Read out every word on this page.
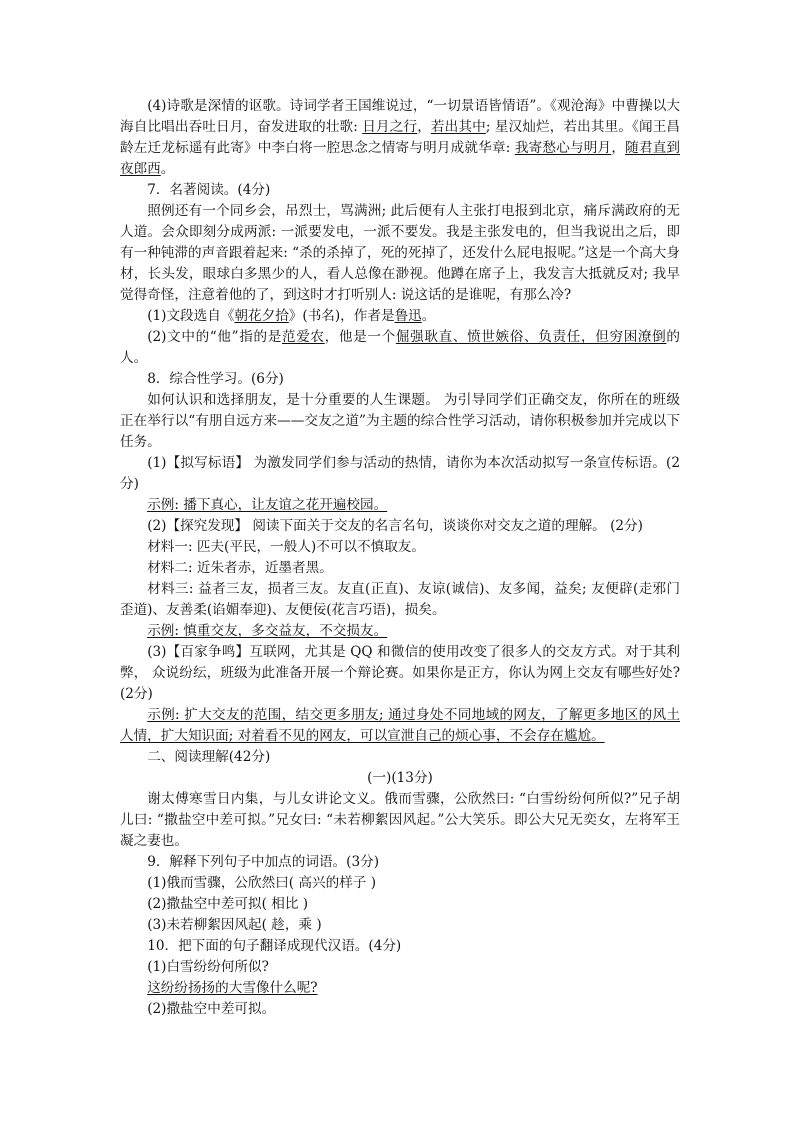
(4)诗歌是深情的讴歌。诗词学者王国维说过，“一切景语皆情语”。《观沧海》中曹操以大海自比唱出吞吐日月，奋发进取的壮歌: 日月之行，若出其中; 星汉灿烂，若出其里。《闻王昌龄左迁龙标遥有此寄》中李白将一腔思念之情寄与明月成就华章: 我寄愁心与明月，随君直到夜郎西。

7．名著阅读。(4分)

照例还有一个同乡会，吊烈士，骂满洲; 此后便有人主张打电报到北京，痛斥满政府的无人道。会众即刻分成两派: 一派要发电，一派不要发。我是主张发电的，但当我说出之后，即有一种钝滞的声音跟着起来: “杀的杀掉了，死的死掉了，还发什么屁电报呢。”这是一个高大身材，长头发，眼球白多黑少的人，看人总像在渺视。他蹲在席子上，我发言大抵就反对; 我早觉得奇怪，注意着他的了，到这时才打听别人: 说这话的是谁呢，有那么冷?

(1)文段选自《朝花夕拾》(书名)，作者是鲁迅。

(2)文中的“他”指的是范爱农，他是一个倔强耿直、愤世嫉俗、负责任，但穷困潦倒的人。

8．综合性学习。(6分)

如何认识和选择朋友，是十分重要的人生课题。 为引导同学们正确交友，你所在的班级正在举行以“有朋自远方来——交友之道”为主题的综合性学习活动，请你积极参加并完成以下任务。

(1)【拟写标语】 为激发同学们参与活动的热情，请你为本次活动拟写一条宣传标语。(2分)

示例: 播下真心，让友谊之花开遍校园。

(2)【探究发现】 阅读下面关于交友的名言名句，谈谈你对交友之道的理解。 (2分)

材料一: 匹夫(平民，一般人)不可以不慎取友。

材料二: 近朱者赤，近墨者黑。

材料三: 益者三友，损者三友。友直(正直)、友谅(诚信)、友多闻，益矣; 友便辟(走邪门歪道)、友善柔(谄媚奉迎)、友便佞(花言巧语)，损矣。

示例: 慎重交友，多交益友，不交损友。

(3)【百家争鸣】互联网，尤其是 QQ 和微信的使用改变了很多人的交友方式。对于其利弊， 众说纷纭，班级为此准备开展一个辩论赛。如果你是正方，你认为网上交友有哪些好处? (2分)

示例: 扩大交友的范围，结交更多朋友; 通过身处不同地域的网友，了解更多地区的风土人情，扩大知识面; 对着看不见的网友，可以宣泄自己的烦心事，不会存在尴尬。

二、阅读理解(42分)

(一)(13分)

谢太傅寒雪日内集，与儿女讲论文义。俄而雪骤，公欣然曰: “白雪纷纷何所似?”兄子胡儿曰: “撒盐空中差可拟。”兄女曰: “未若柳絮因风起。”公大笑乐。即公大兄无奕女，左将军王凝之妻也。

9．解释下列句子中加点的词语。(3分)

(1)俄而雪骤，公欣然曰( 高兴的样子 )

(2)撒盐空中差可拟( 相比 )

(3)未若柳絮因风起( 趁，乘 )

10．把下面的句子翻译成现代汉语。(4分)

(1)白雪纷纷何所似?

这纷纷扬扬的大雪像什么呢?

(2)撒盐空中差可拟。
